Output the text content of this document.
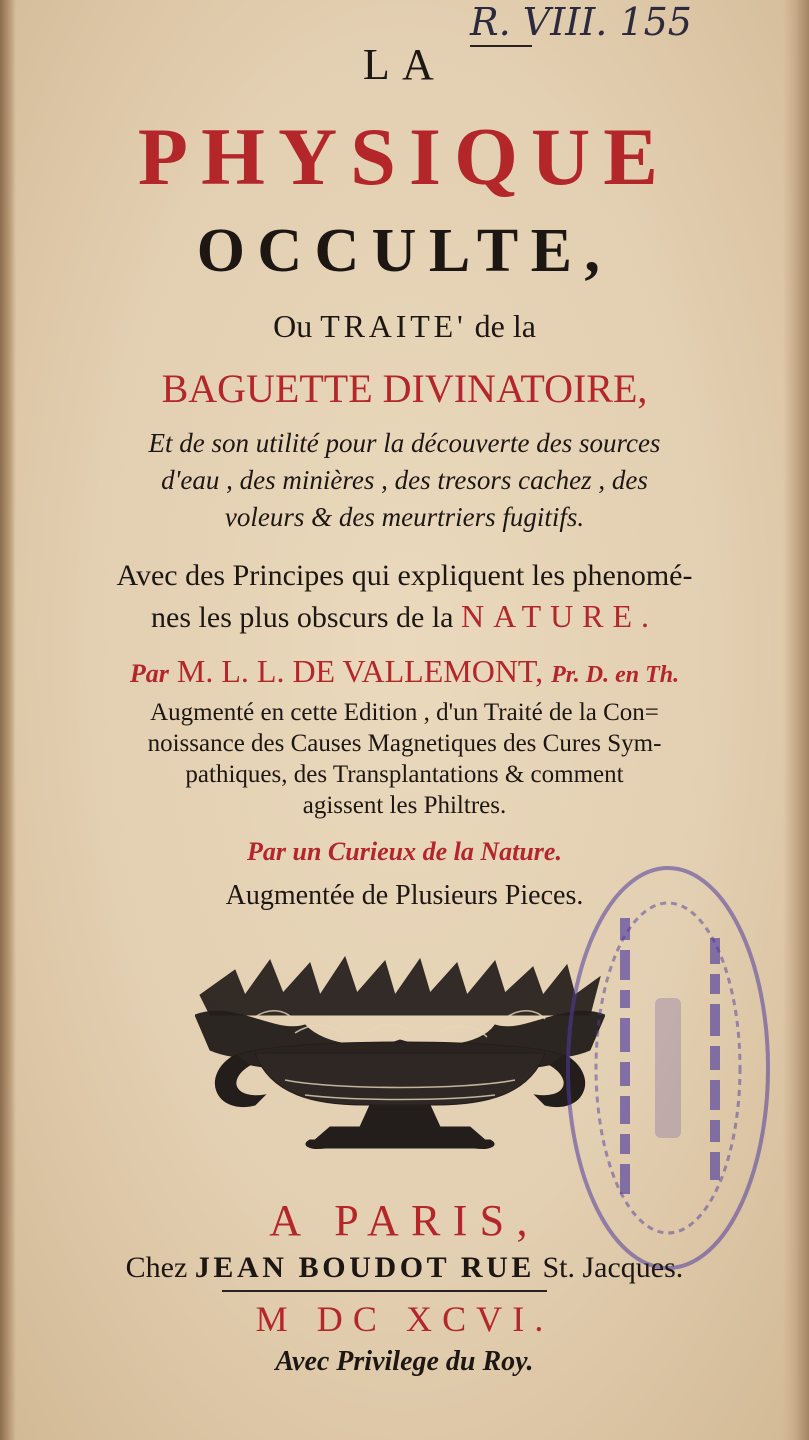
R. VIII. 155

LA

PHYSIQUE

OCCULTE,

Ou TRAITE' de la

BAGUETTE DIVINATOIRE,

Et de son utilité pour la découverte des sources

d'eau , des minières , des tresors cachez , des

voleurs & des meurtriers fugitifs.

Avec des Principes qui expliquent les phenomé-

nes les plus obscurs de la NATURE.

Par M. L. L. DE VALLEMONT, Pr. D. en Th.

Augmenté en cette Edition , d'un Traité de la Con=

noissance des Causes Magnetiques des Cures Sym-

pathiques, des Transplantations & comment

agissent les Philtres.

Par un Curieux de la Nature.

Augmentée de Plusieurs Pieces.

A PARIS,

Chez JEAN BOUDOT RUE St. Jacques.

M DC XCVI.

Avec Privilege du Roy.
